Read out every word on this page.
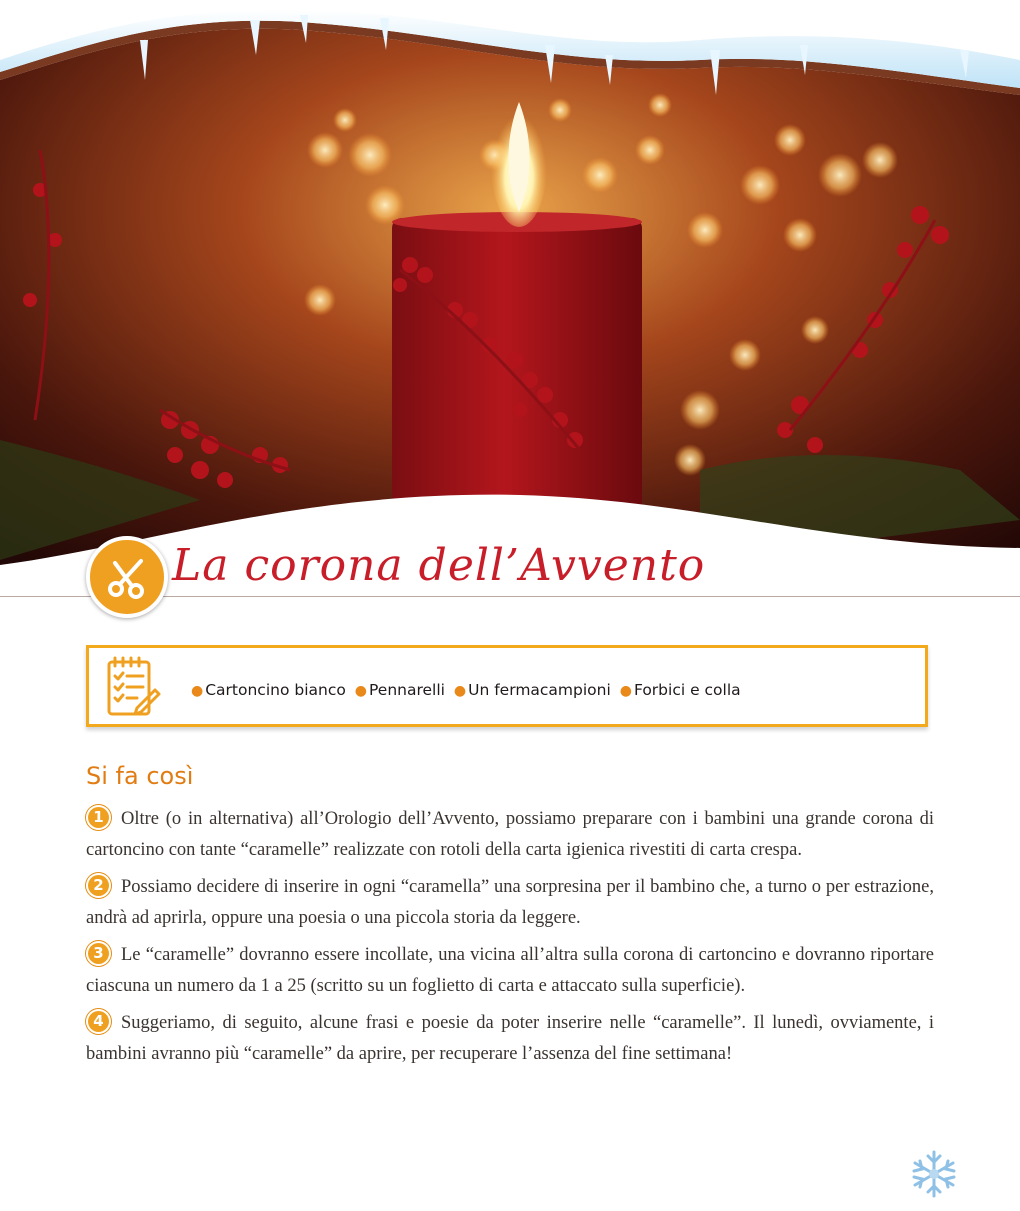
La corona dell’Avvento
● Cartoncino bianco ● Pennarelli ● Un fermacampioni ● Forbici e colla
Si fa così

1 Oltre (o in alternativa) all’Orologio dell’Avvento, possiamo preparare con i bambini una grande corona di cartoncino con tante “caramelle” realizzate con rotoli della carta igienica rivestiti di carta crespa.

2 Possiamo decidere di inserire in ogni “caramella” una sorpresina per il bambino che, a turno o per estrazione, andrà ad aprirla, oppure una poesia o una piccola storia da leggere.

3 Le “caramelle” dovranno essere incollate, una vicina all’altra sulla corona di cartoncino e dovranno riportare ciascuna un numero da 1 a 25 (scritto su un foglietto di carta e attaccato sulla superficie).

4 Suggeriamo, di seguito, alcune frasi e poesie da poter inserire nelle “caramelle”. Il lunedì, ovviamente, i bambini avranno più “caramelle” da aprire, per recuperare l’assenza del fine settimana!
